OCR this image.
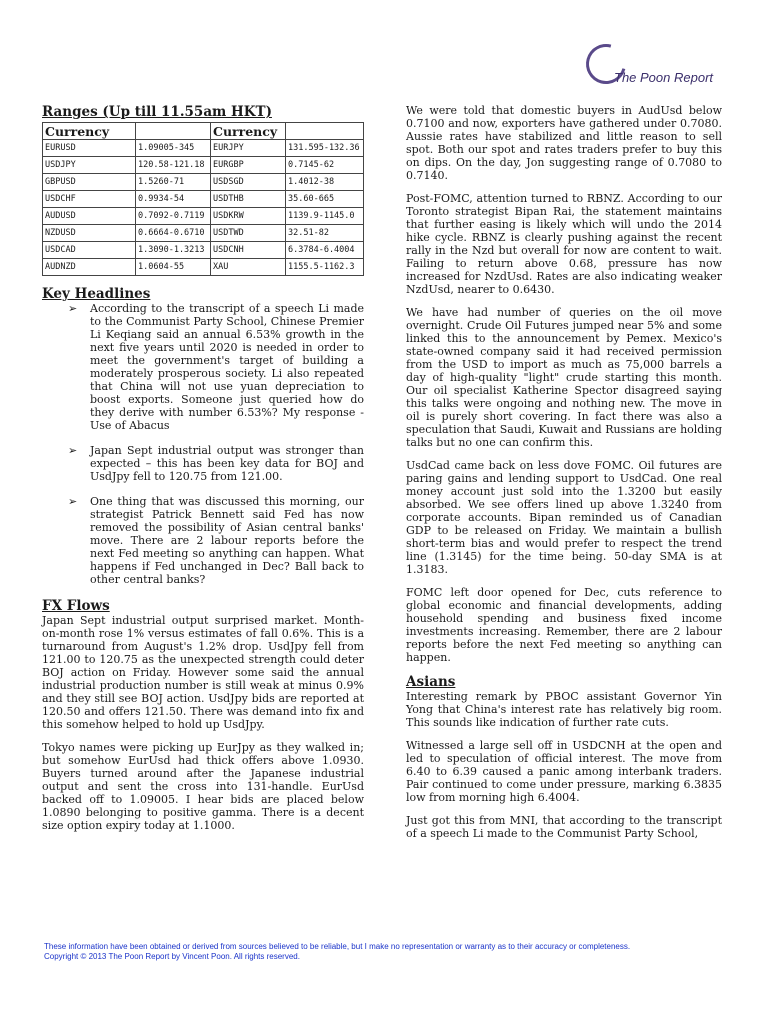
The Poon Report
Ranges (Up till 11.55am HKT)
Currency		Currency	
EURUSD	1.09005-345	EURJPY	131.595-132.36
USDJPY	120.58-121.18	EURGBP	0.7145-62
GBPUSD	1.5260-71	USDSGD	1.4012-38
USDCHF	0.9934-54	USDTHB	35.60-665
AUDUSD	0.7092-0.7119	USDKRW	1139.9-1145.0
NZDUSD	0.6664-0.6710	USDTWD	32.51-82
USDCAD	1.3090-1.3213	USDCNH	6.3784-6.4004
AUDNZD	1.0604-55	XAU	1155.5-1162.3
Key Headlines
➢ According to the transcript of a speech Li made to the Communist Party School, Chinese Premier Li Keqiang said an annual 6.53% growth in the next five years until 2020 is needed in order to meet the government's target of building a moderately prosperous society. Li also repeated that China will not use yuan depreciation to boost exports. Someone just queried how do they derive with number 6.53%? My response - Use of Abacus
➢ Japan Sept industrial output was stronger than expected – this has been key data for BOJ and UsdJpy fell to 120.75 from 121.00.
➢ One thing that was discussed this morning, our strategist Patrick Bennett said Fed has now removed the possibility of Asian central banks' move. There are 2 labour reports before the next Fed meeting so anything can happen. What happens if Fed unchanged in Dec? Ball back to other central banks?
FX Flows

Japan Sept industrial output surprised market. Month-on-month rose 1% versus estimates of fall 0.6%. This is a turnaround from August's 1.2% drop. UsdJpy fell from 121.00 to 120.75 as the unexpected strength could deter BOJ action on Friday. However some said the annual industrial production number is still weak at minus 0.9% and they still see BOJ action. UsdJpy bids are reported at 120.50 and offers 121.50. There was demand into fix and this somehow helped to hold up UsdJpy.

Tokyo names were picking up EurJpy as they walked in; but somehow EurUsd had thick offers above 1.0930. Buyers turned around after the Japanese industrial output and sent the cross into 131-handle. EurUsd backed off to 1.09005. I hear bids are placed below 1.0890 belonging to positive gamma. There is a decent size option expiry today at 1.1000.

We were told that domestic buyers in AudUsd below 0.7100 and now, exporters have gathered under 0.7080. Aussie rates have stabilized and little reason to sell spot. Both our spot and rates traders prefer to buy this on dips. On the day, Jon suggesting range of 0.7080 to 0.7140.

Post-FOMC, attention turned to RBNZ. According to our Toronto strategist Bipan Rai, the statement maintains that further easing is likely which will undo the 2014 hike cycle. RBNZ is clearly pushing against the recent rally in the Nzd but overall for now are content to wait. Failing to return above 0.68, pressure has now increased for NzdUsd. Rates are also indicating weaker NzdUsd, nearer to 0.6430.

We have had number of queries on the oil move overnight. Crude Oil Futures jumped near 5% and some linked this to the announcement by Pemex. Mexico's state-owned company said it had received permission from the USD to import as much as 75,000 barrels a day of high-quality "light" crude starting this month. Our oil specialist Katherine Spector disagreed saying this talks were ongoing and nothing new. The move in oil is purely short covering. In fact there was also a speculation that Saudi, Kuwait and Russians are holding talks but no one can confirm this.

UsdCad came back on less dove FOMC. Oil futures are paring gains and lending support to UsdCad. One real money account just sold into the 1.3200 but easily absorbed. We see offers lined up above 1.3240 from corporate accounts. Bipan reminded us of Canadian GDP to be released on Friday. We maintain a bullish short-term bias and would prefer to respect the trend line (1.3145) for the time being. 50-day SMA is at 1.3183.

FOMC left door opened for Dec, cuts reference to global economic and financial developments, adding household spending and business fixed income investments increasing. Remember, there are 2 labour reports before the next Fed meeting so anything can happen.

Asians

Interesting remark by PBOC assistant Governor Yin Yong that China's interest rate has relatively big room. This sounds like indication of further rate cuts.

Witnessed a large sell off in USDCNH at the open and led to speculation of official interest. The move from 6.40 to 6.39 caused a panic among interbank traders. Pair continued to come under pressure, marking 6.3835 low from morning high 6.4004.

Just got this from MNI, that according to the transcript of a speech Li made to the Communist Party School,

These information have been obtained or derived from sources believed to be reliable, but I make no representation or warranty as to their accuracy or completeness.
Copyright © 2013 The Poon Report by Vincent Poon. All rights reserved.
